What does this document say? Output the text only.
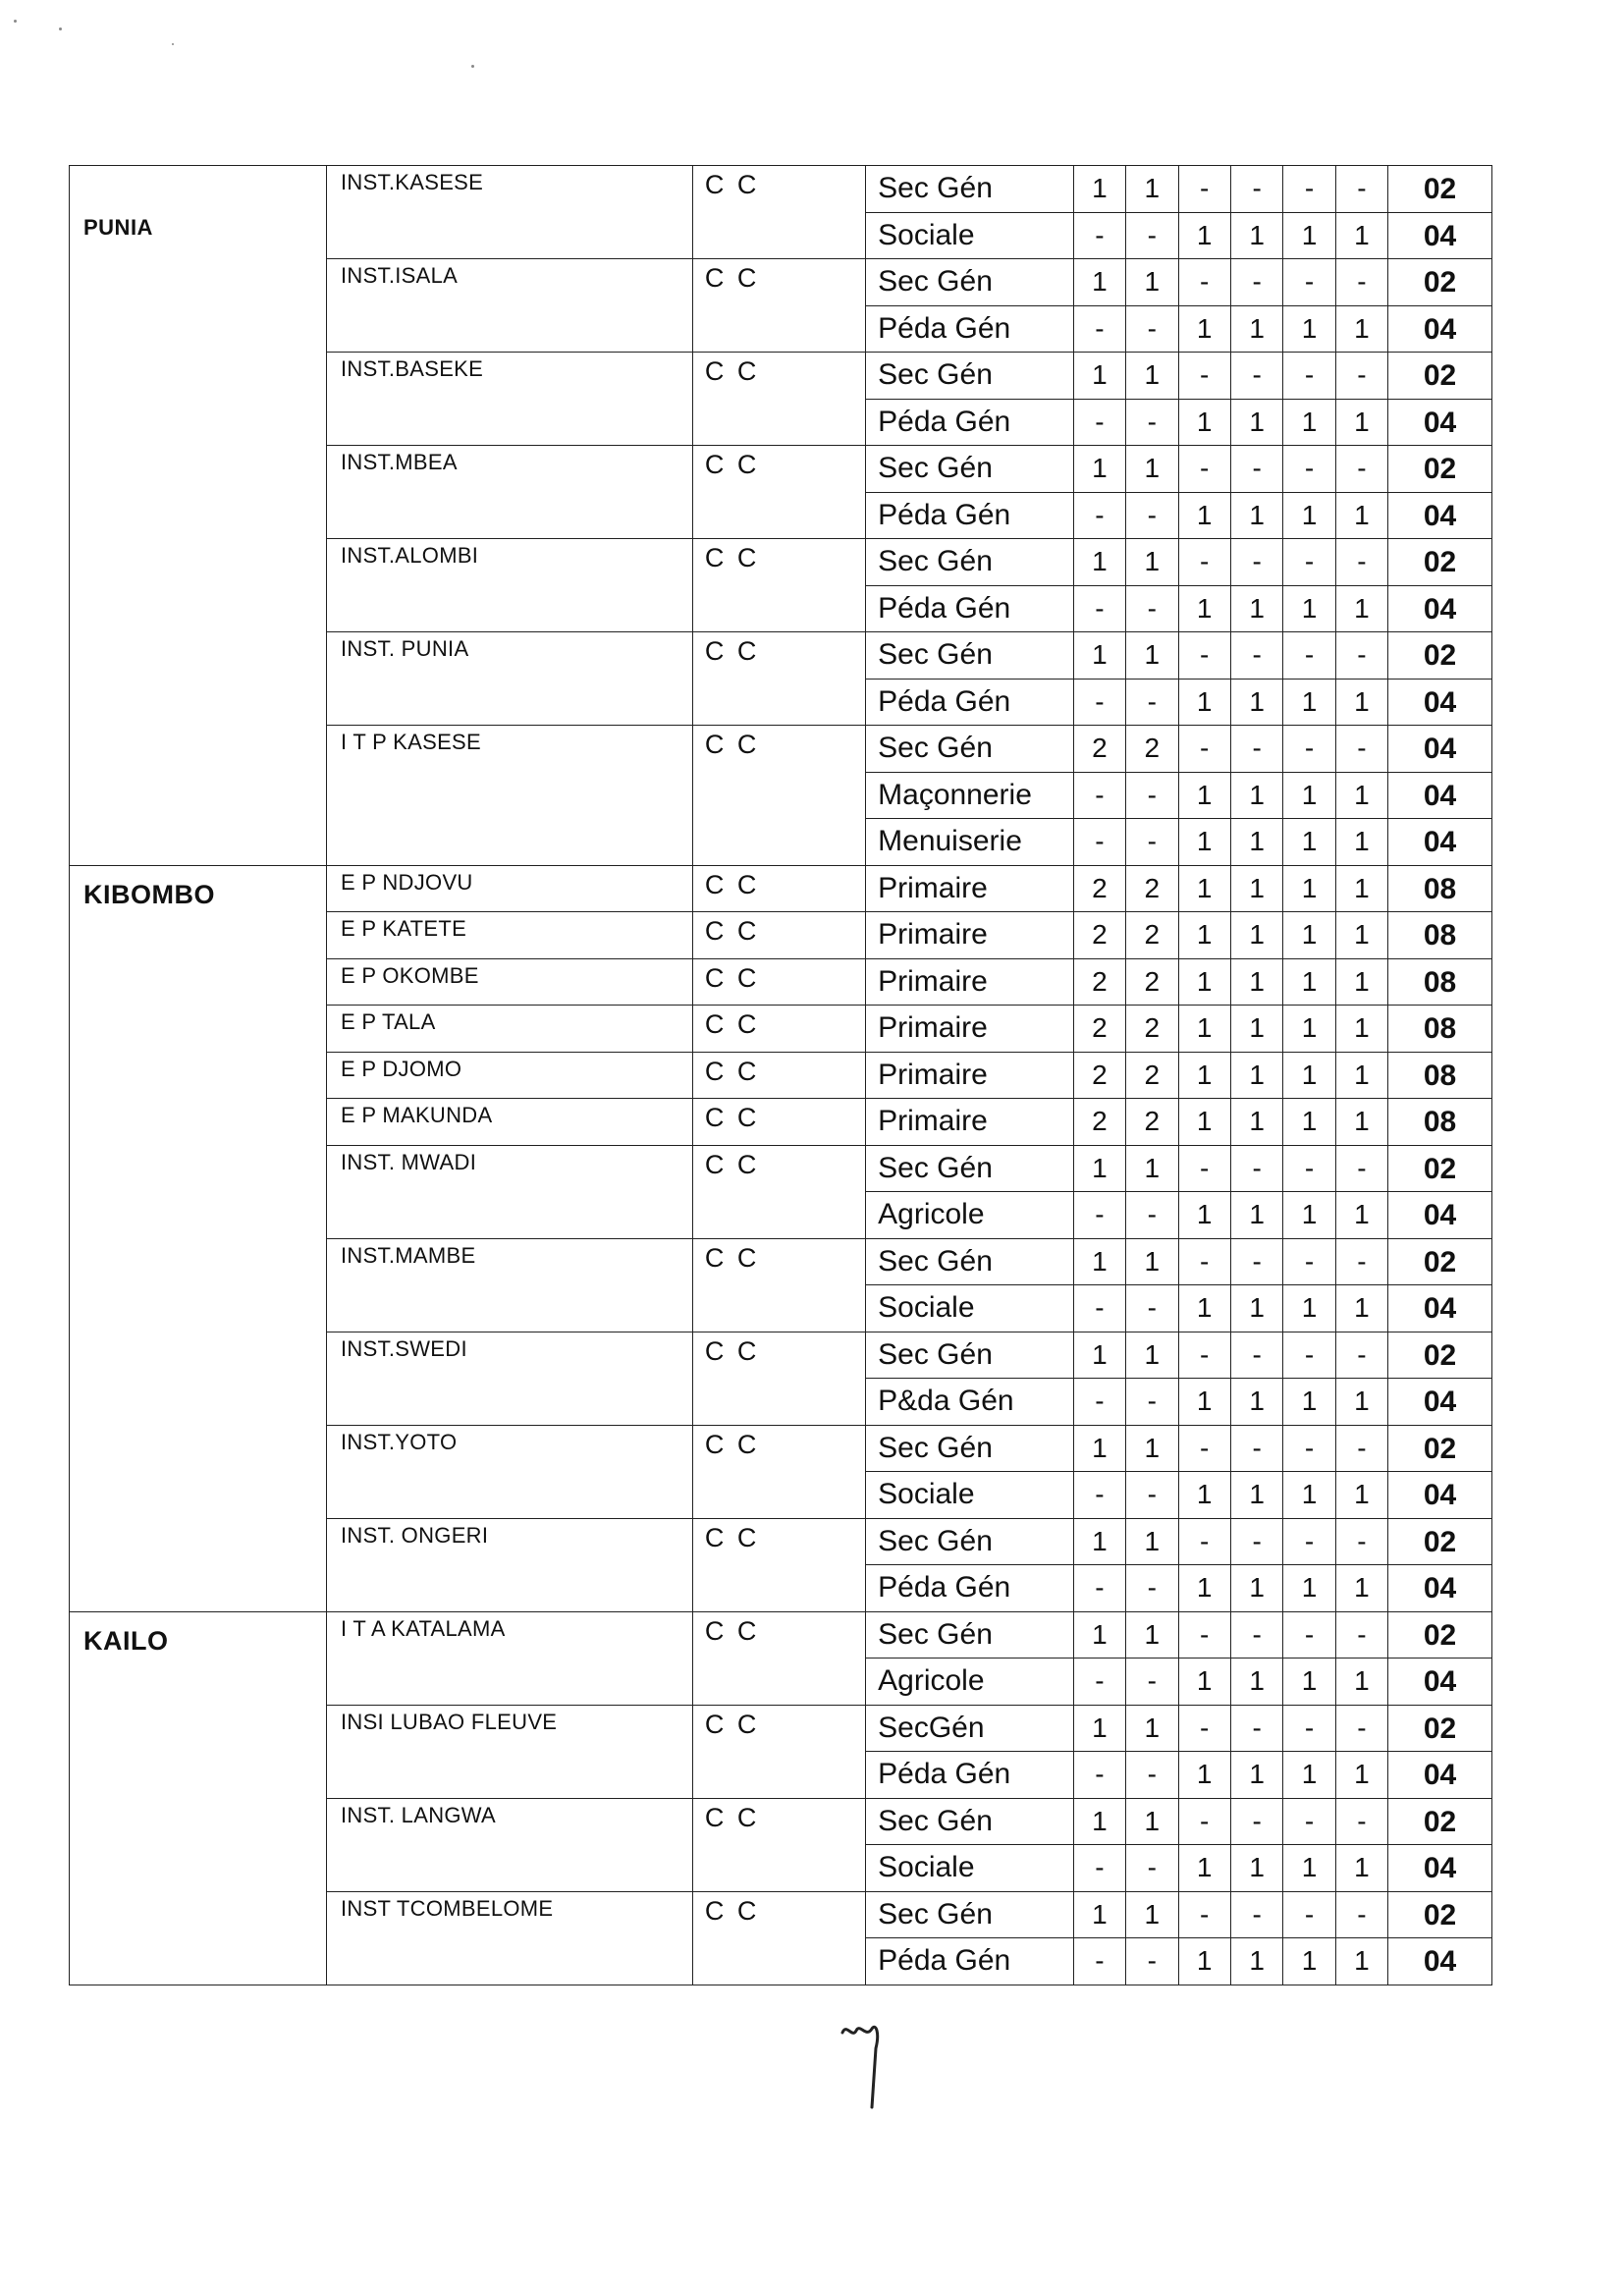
PUNIA	INST.KASESE	C C	Sec Gén	1	1	-	-	-	-	02

			Sociale	-	-	1	1	1	1	04

	INST.ISALA	C C	Sec Gén	1	1	-	-	-	-	02

			Péda Gén	-	-	1	1	1	1	04

	INST.BASEKE	C C	Sec Gén	1	1	-	-	-	-	02

			Péda Gén	-	-	1	1	1	1	04

	INST.MBEA	C C	Sec Gén	1	1	-	-	-	-	02

			Péda Gén	-	-	1	1	1	1	04

	INST.ALOMBI	C C	Sec Gén	1	1	-	-	-	-	02

			Péda Gén	-	-	1	1	1	1	04

	INST. PUNIA	C C	Sec Gén	1	1	-	-	-	-	02

			Péda Gén	-	-	1	1	1	1	04

	I T P KASESE	C C	Sec Gén	2	2	-	-	-	-	04

			Maçonnerie	-	-	1	1	1	1	04

			Menuiserie	-	-	1	1	1	1	04

KIBOMBO	E P NDJOVU	C C	Primaire	2	2	1	1	1	1	08

	E P KATETE	C C	Primaire	2	2	1	1	1	1	08

	E P OKOMBE	C C	Primaire	2	2	1	1	1	1	08

	E P TALA	C C	Primaire	2	2	1	1	1	1	08

	E P DJOMO	C C	Primaire	2	2	1	1	1	1	08

	E P MAKUNDA	C C	Primaire	2	2	1	1	1	1	08

	INST. MWADI	C C	Sec Gén	1	1	-	-	-	-	02

			Agricole	-	-	1	1	1	1	04

	INST.MAMBE	C C	Sec Gén	1	1	-	-	-	-	02

			Sociale	-	-	1	1	1	1	04

	INST.SWEDI	C C	Sec Gén	1	1	-	-	-	-	02

			P&da Gén	-	-	1	1	1	1	04

	INST.YOTO	C C	Sec Gén	1	1	-	-	-	-	02

			Sociale	-	-	1	1	1	1	04

	INST. ONGERI	C C	Sec Gén	1	1	-	-	-	-	02

			Péda Gén	-	-	1	1	1	1	04

KAILO	I T A KATALAMA	C C	Sec Gén	1	1	-	-	-	-	02

			Agricole	-	-	1	1	1	1	04

	INSI LUBAO FLEUVE	C C	SecGén	1	1	-	-	-	-	02

			Péda Gén	-	-	1	1	1	1	04

	INST. LANGWA	C C	Sec Gén	1	1	-	-	-	-	02

			Sociale	-	-	1	1	1	1	04

	INST TCOMBELOME	C C	Sec Gén	1	1	-	-	-	-	02

			Péda Gén	-	-	1	1	1	1	04
